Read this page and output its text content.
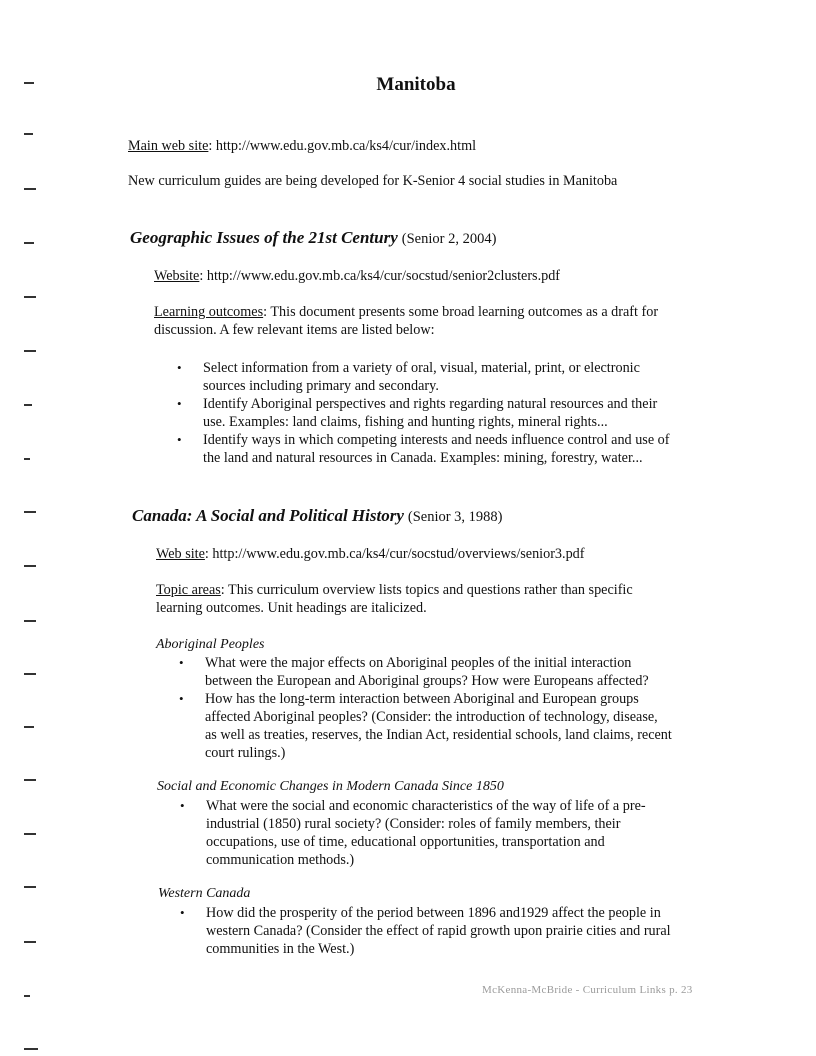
Manitoba
Main web site: http://www.edu.gov.mb.ca/ks4/cur/index.html
New curriculum guides are being developed for K-Senior 4 social studies in Manitoba
Geographic Issues of the 21st Century (Senior 2, 2004)
Website: http://www.edu.gov.mb.ca/ks4/cur/socstud/senior2clusters.pdf
Learning outcomes: This document presents some broad learning outcomes as a draft for
discussion. A few relevant items are listed below:
• Select information from a variety of oral, visual, material, print, or electronic
sources including primary and secondary.
• Identify Aboriginal perspectives and rights regarding natural resources and their
use. Examples: land claims, fishing and hunting rights, mineral rights...
• Identify ways in which competing interests and needs influence control and use of
the land and natural resources in Canada. Examples: mining, forestry, water...
Canada: A Social and Political History (Senior 3, 1988)
Web site: http://www.edu.gov.mb.ca/ks4/cur/socstud/overviews/senior3.pdf
Topic areas: This curriculum overview lists topics and questions rather than specific
learning outcomes. Unit headings are italicized.
Aboriginal Peoples
• What were the major effects on Aboriginal peoples of the initial interaction
between the European and Aboriginal groups? How were Europeans affected?
• How has the long-term interaction between Aboriginal and European groups
affected Aboriginal peoples? (Consider: the introduction of technology, disease,
as well as treaties, reserves, the Indian Act, residential schools, land claims, recent
court rulings.)
Social and Economic Changes in Modern Canada Since 1850
• What were the social and economic characteristics of the way of life of a pre-
industrial (1850) rural society? (Consider: roles of family members, their
occupations, use of time, educational opportunities, transportation and
communication methods.)
Western Canada
• How did the prosperity of the period between 1896 and1929 affect the people in
western Canada? (Consider the effect of rapid growth upon prairie cities and rural
communities in the West.)
McKenna-McBride - Curriculum Links p. 23
